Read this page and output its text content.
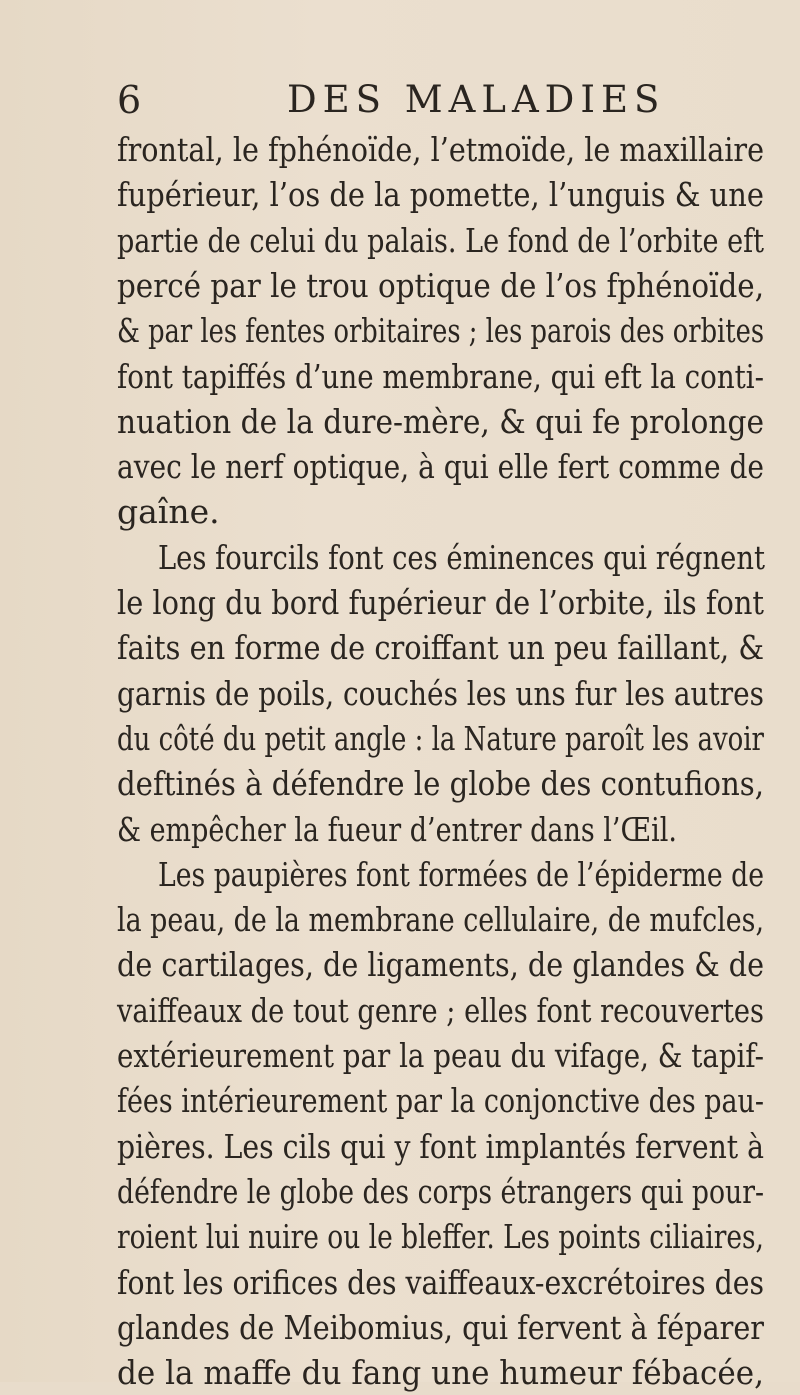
6	DES MALADIES
frontal, le fphénoïde, l’etmoïde, le maxillaire
fupérieur, l’os de la pomette, l’unguis & une
partie de celui du palais. Le fond de l’orbite eft
percé par le trou optique de l’os fphénoïde,
& par les fentes orbitaires ; les parois des orbites
font tapiffés d’une membrane, qui eft la conti-
nuation de la dure-mère, & qui fe prolonge
avec le nerf optique, à qui elle fert comme de
gaîne.
Les fourcils font ces éminences qui régnent
le long du bord fupérieur de l’orbite, ils font
faits en forme de croiffant un peu faillant, &
garnis de poils, couchés les uns fur les autres
du côté du petit angle : la Nature paroît les avoir
deftinés à défendre le globe des contufions,
& empêcher la fueur d’entrer dans l’Œil.
Les paupières font formées de l’épiderme de
la peau, de la membrane cellulaire, de mufcles,
de cartilages, de ligaments, de glandes & de
vaiffeaux de tout genre ; elles font recouvertes
extérieurement par la peau du vifage, & tapif-
fées intérieurement par la conjonctive des pau-
pières. Les cils qui y font implantés fervent à
défendre le globe des corps étrangers qui pour-
roient lui nuire ou le bleffer. Les points ciliaires,
font les orifices des vaiffeaux-excrétoires des
glandes de Meibomius, qui fervent à féparer
de la maffe du fang une humeur fébacée,
